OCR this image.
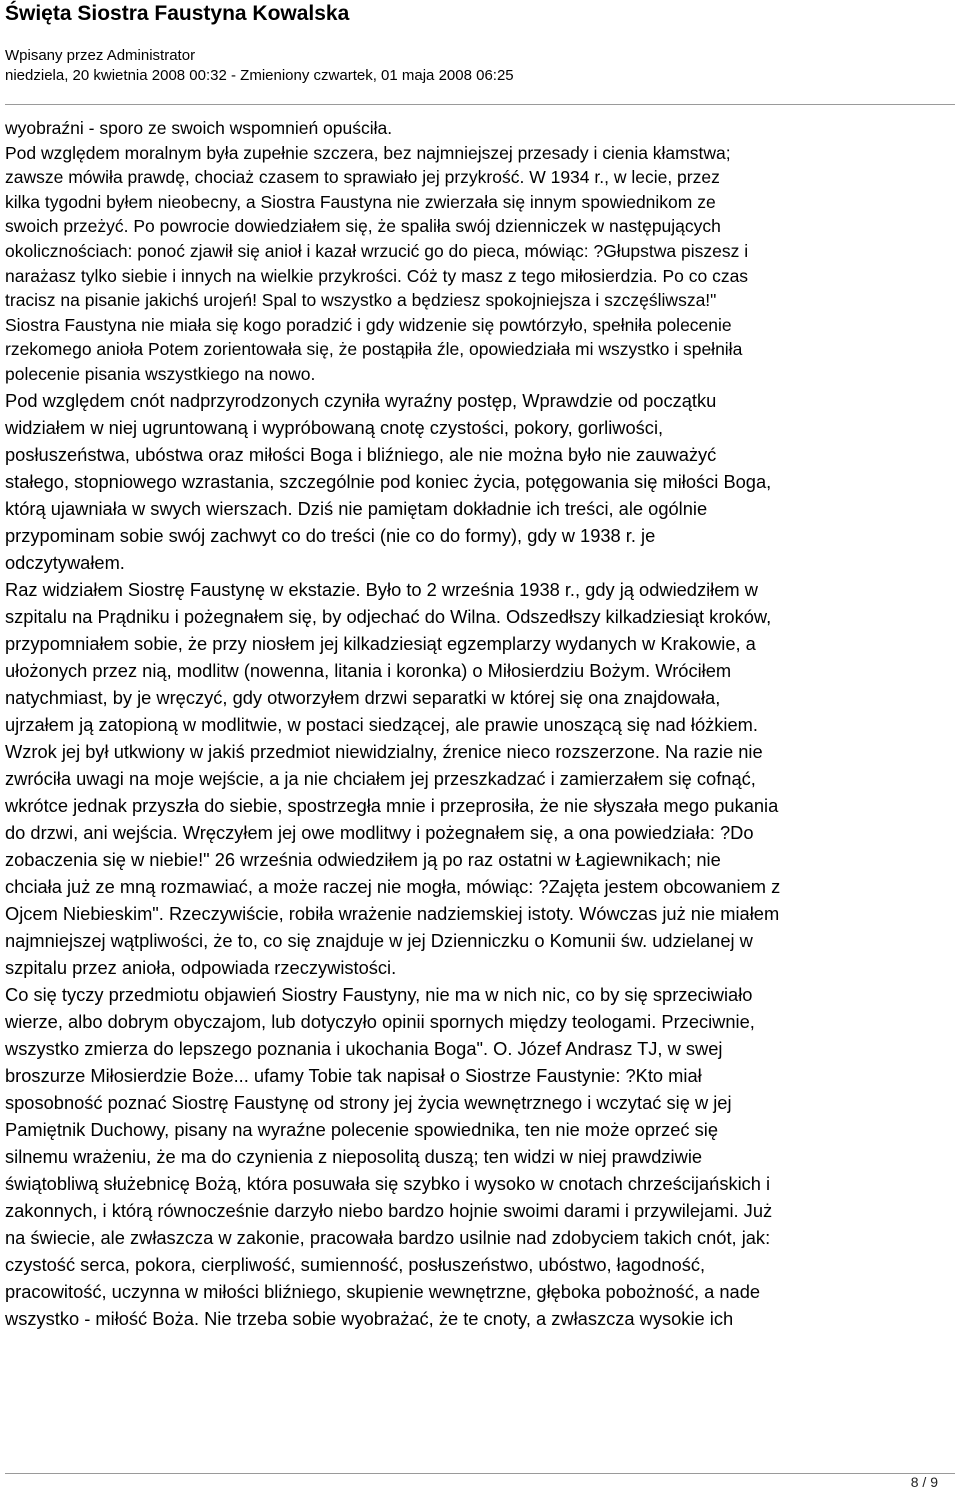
Święta Siostra Faustyna Kowalska
Wpisany przez Administrator
niedziela, 20 kwietnia 2008 00:32 - Zmieniony czwartek, 01 maja 2008 06:25
wyobraźni - sporo ze swoich wspomnień opuściła.
Pod względem moralnym była zupełnie szczera, bez najmniejszej przesady i cienia kłamstwa;
zawsze mówiła prawdę, chociaż czasem to sprawiało jej przykrość. W 1934 r., w lecie, przez
kilka tygodni byłem nieobecny, a Siostra Faustyna nie zwierzała się innym spowiednikom ze
swoich przeżyć. Po powrocie dowiedziałem się, że spaliła swój dzienniczek w następujących
okolicznościach: ponoć zjawił się anioł i kazał wrzucić go do pieca, mówiąc: ?Głupstwa piszesz i
narażasz tylko siebie i innych na wielkie przykrości. Cóż ty masz z tego miłosierdzia. Po co czas
tracisz na pisanie jakichś urojeń! Spal to wszystko a będziesz spokojniejsza i szczęśliwsza!"
Siostra Faustyna nie miała się kogo poradzić i gdy widzenie się powtórzyło, spełniła polecenie
rzekomego anioła Potem zorientowała się, że postąpiła źle, opowiedziała mi wszystko i spełniła
polecenie pisania wszystkiego na nowo.
Pod względem cnót nadprzyrodzonych czyniła wyraźny postęp, Wprawdzie od początku
widziałem w niej ugruntowaną i wypróbowaną cnotę czystości, pokory, gorliwości,
posłuszeństwa, ubóstwa oraz miłości Boga i bliźniego, ale nie można było nie zauważyć
stałego, stopniowego wzrastania, szczególnie pod koniec życia, potęgowania się miłości Boga,
którą ujawniała w swych wierszach. Dziś nie pamiętam dokładnie ich treści, ale ogólnie
przypominam sobie swój zachwyt co do treści (nie co do formy), gdy w 1938 r. je
odczytywałem.
Raz widziałem Siostrę Faustynę w ekstazie. Było to 2 września 1938 r., gdy ją odwiedziłem w
szpitalu na Prądniku i pożegnałem się, by odjechać do Wilna. Odszedłszy kilkadziesiąt kroków,
przypomniałem sobie, że przy niosłem jej kilkadziesiąt egzemplarzy wydanych w Krakowie, a
ułożonych przez nią, modlitw (nowenna, litania i koronka) o Miłosierdziu Bożym. Wróciłem
natychmiast, by je wręczyć, gdy otworzyłem drzwi separatki w której się ona znajdowała,
ujrzałem ją zatopioną w modlitwie, w postaci siedzącej, ale prawie unoszącą się nad łóżkiem.
Wzrok jej był utkwiony w jakiś przedmiot niewidzialny, źrenice nieco rozszerzone. Na razie nie
zwróciła uwagi na moje wejście, a ja nie chciałem jej przeszkadzać i zamierzałem się cofnąć,
wkrótce jednak przyszła do siebie, spostrzegła mnie i przeprosiła, że nie słyszała mego pukania
do drzwi, ani wejścia. Wręczyłem jej owe modlitwy i pożegnałem się, a ona powiedziała: ?Do
zobaczenia się w niebie!" 26 września odwiedziłem ją po raz ostatni w Łagiewnikach; nie
chciała już ze mną rozmawiać, a może raczej nie mogła, mówiąc: ?Zajęta jestem obcowaniem z
Ojcem Niebieskim". Rzeczywiście, robiła wrażenie nadziemskiej istoty. Wówczas już nie miałem
najmniejszej wątpliwości, że to, co się znajduje w jej Dzienniczku o Komunii św. udzielanej w
szpitalu przez anioła, odpowiada rzeczywistości.
Co się tyczy przedmiotu objawień Siostry Faustyny, nie ma w nich nic, co by się sprzeciwiało
wierze, albo dobrym obyczajom, lub dotyczyło opinii spornych między teologami. Przeciwnie,
wszystko zmierza do lepszego poznania i ukochania Boga". O. Józef Andrasz TJ, w swej
broszurze Miłosierdzie Boże... ufamy Tobie tak napisał o Siostrze Faustynie: ?Kto miał
sposobność poznać Siostrę Faustynę od strony jej życia wewnętrznego i wczytać się w jej
Pamiętnik Duchowy, pisany na wyraźne polecenie spowiednika, ten nie może oprzeć się
silnemu wrażeniu, że ma do czynienia z nieposolitą duszą; ten widzi w niej prawdziwie
świątobliwą służebnicę Bożą, która posuwała się szybko i wysoko w cnotach chrześcijańskich i
zakonnych, i którą równocześnie darzyło niebo bardzo hojnie swoimi darami i przywilejami. Już
na świecie, ale zwłaszcza w zakonie, pracowała bardzo usilnie nad zdobyciem takich cnót, jak:
czystość serca, pokora, cierpliwość, sumienność, posłuszeństwo, ubóstwo, łagodność,
pracowitość, uczynna w miłości bliźniego, skupienie wewnętrzne, głęboka pobożność, a nade
wszystko - miłość Boża. Nie trzeba sobie wyobrażać, że te cnoty, a zwłaszcza wysokie ich
8 / 9
